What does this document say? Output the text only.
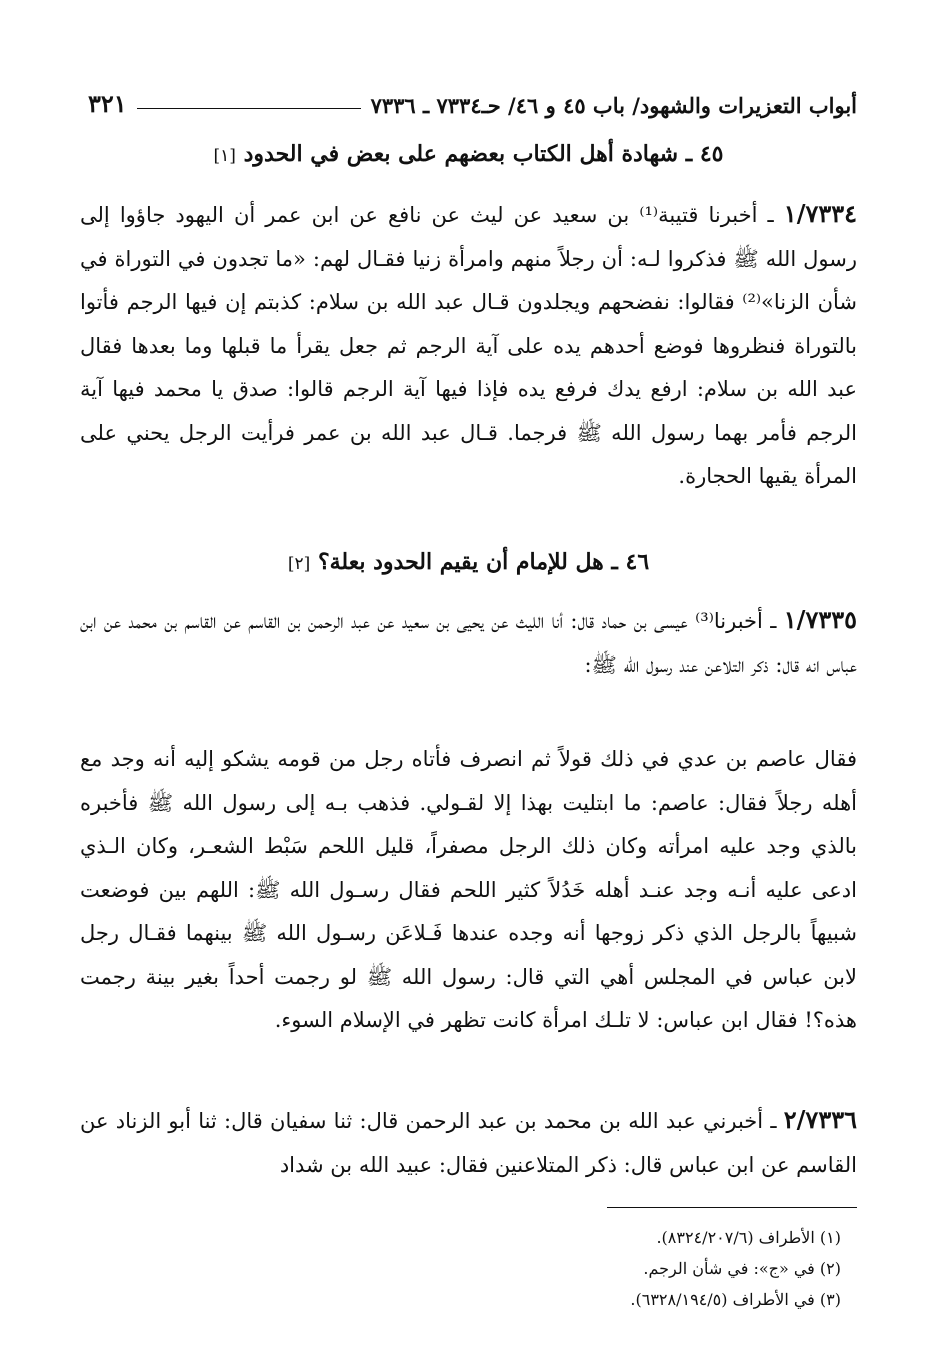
أبواب التعزيرات والشهود/ باب ٤٥ و ٤٦/ حـ٧٣٣٤ ـ ٧٣٣٦
٣٢١
٤٥ ـ شهادة أهل الكتاب بعضهم على بعض في الحدود [١]
١/٧٣٣٤ ـ أخبرنا قتيبة⁽¹⁾ بن سعيد عن ليث عن نافع عن ابن عمر أن اليهود جاؤوا إلى رسول الله ﷺ فذكروا لـه: أن رجلاً منهم وامرأة زنيا فقـال لهم: «ما تجدون في التوراة في شأن الزنا»⁽²⁾ فقالوا: نفضحهم ويجلدون قـال عبد الله بن سلام: كذبتم إن فيها الرجم فأتوا بالتوراة فنظروها فوضع أحدهم يده على آية الرجم ثم جعل يقرأ ما قبلها وما بعدها فقال عبد الله بن سلام: ارفع يدك فرفع يده فإذا فيها آية الرجم قالوا: صدق يا محمد فيها آية الرجم فأمر بهما رسول الله ﷺ فرجما. قـال عبد الله بن عمر فرأيت الرجل يحني على المرأة يقيها الحجارة.
٤٦ ـ هل للإمام أن يقيم الحدود بعلة؟ [٢]
١/٧٣٣٥ ـ أخبرنا⁽³⁾ عيسى بن حماد قال: أنا الليث عن يحيى بن سعيد عن عبد الرحمن بن القاسم عن القاسم بن محمد عن ابن عباس انه قال: ذكر التلاعن عند رسول الله ﷺ:
فقال عاصم بن عدي في ذلك قولاً ثم انصرف فأتاه رجل من قومه يشكو إليه أنه وجد مع أهله رجلاً فقال: عاصم: ما ابتليت بهذا إلا لقـولي. فذهب بـه إلى رسول الله ﷺ فأخبره بالذي وجد عليه امرأته وكان ذلك الرجل مصفراً، قليل اللحم سَبْط الشعـر، وكان الـذي ادعى عليه أنـه وجد عنـد أهله خَدُلاً كثير اللحم فقال رسـول الله ﷺ: اللهم بين فوضعت شبيهاً بالرجل الذي ذكر زوجها أنه وجده عندها فَـلاعَن رسـول الله ﷺ بينهما فقـال رجل لابن عباس في المجلس أهي التي قال: رسول الله ﷺ لو رجمت أحداً بغير بينة رجمت هذه؟! فقال ابن عباس: لا تلـك امرأة كانت تظهر في الإسلام السوء.
٢/٧٣٣٦ ـ أخبرني عبد الله بن محمد بن عبد الرحمن قال: ثنا سفيان قال: ثنا أبو الزناد عن القاسم عن ابن عباس قال: ذكر المتلاعنين فقال: عبيد الله بن شداد
(١) الأطراف (٨٣٢٤/٢٠٧/٦).
(٢) في «ج»: في شأن الرجم.
(٣) في الأطراف (٦٣٢٨/١٩٤/٥).
